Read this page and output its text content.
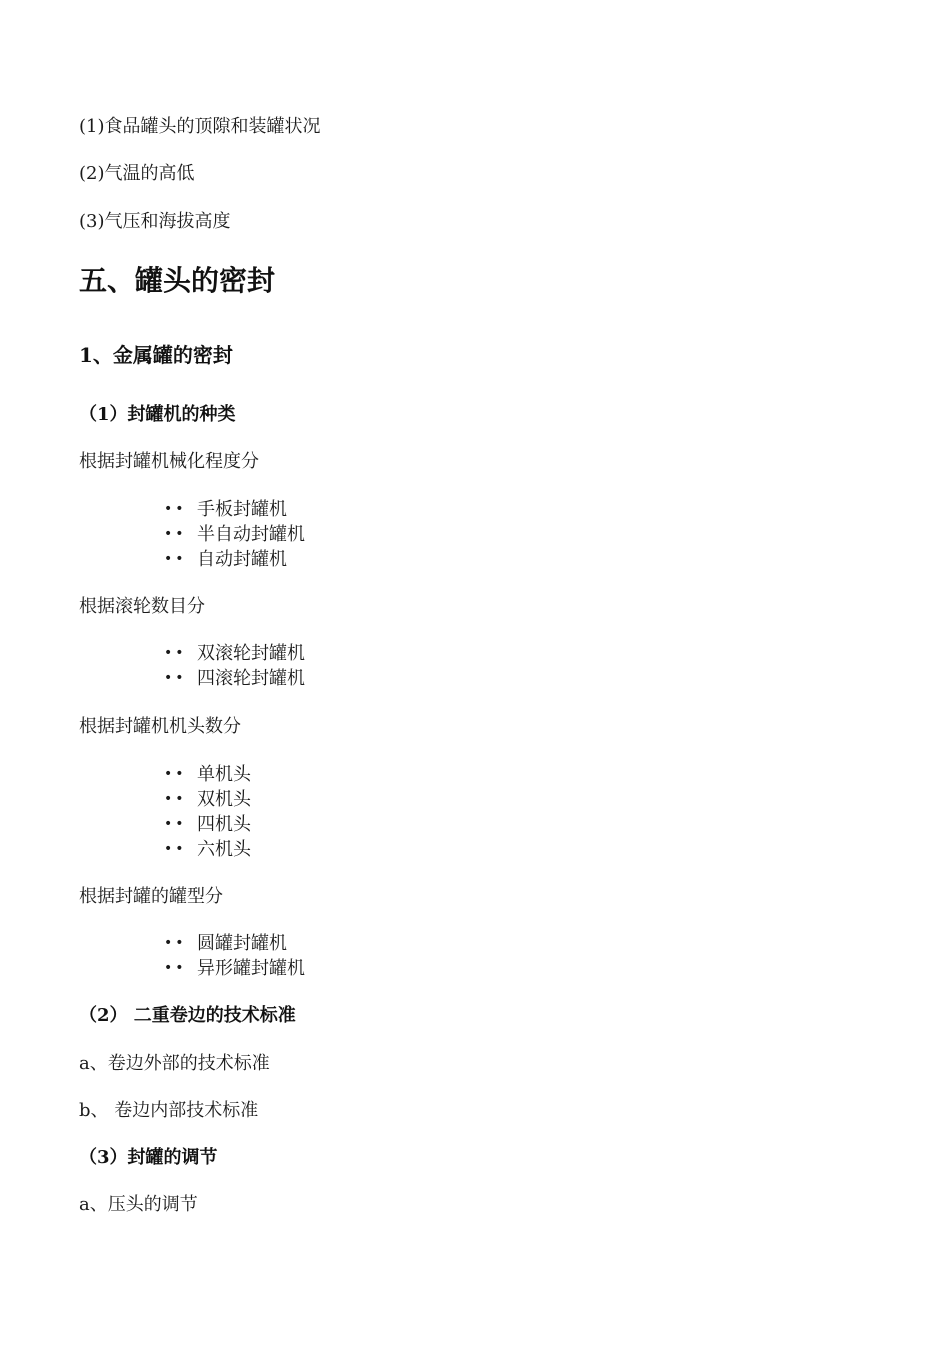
(1)食品罐头的顶隙和装罐状况
(2)气温的高低
(3)气压和海拔高度
五、罐头的密封
1、金属罐的密封
（1）封罐机的种类
根据封罐机械化程度分
•• 手板封罐机
•• 半自动封罐机
•• 自动封罐机
根据滚轮数目分
•• 双滚轮封罐机
•• 四滚轮封罐机
根据封罐机机头数分
•• 单机头
•• 双机头
•• 四机头
•• 六机头
根据封罐的罐型分
•• 圆罐封罐机
•• 异形罐封罐机
（2） 二重卷边的技术标准
a、卷边外部的技术标准
b、 卷边内部技术标准
（3）封罐的调节
a、压头的调节
